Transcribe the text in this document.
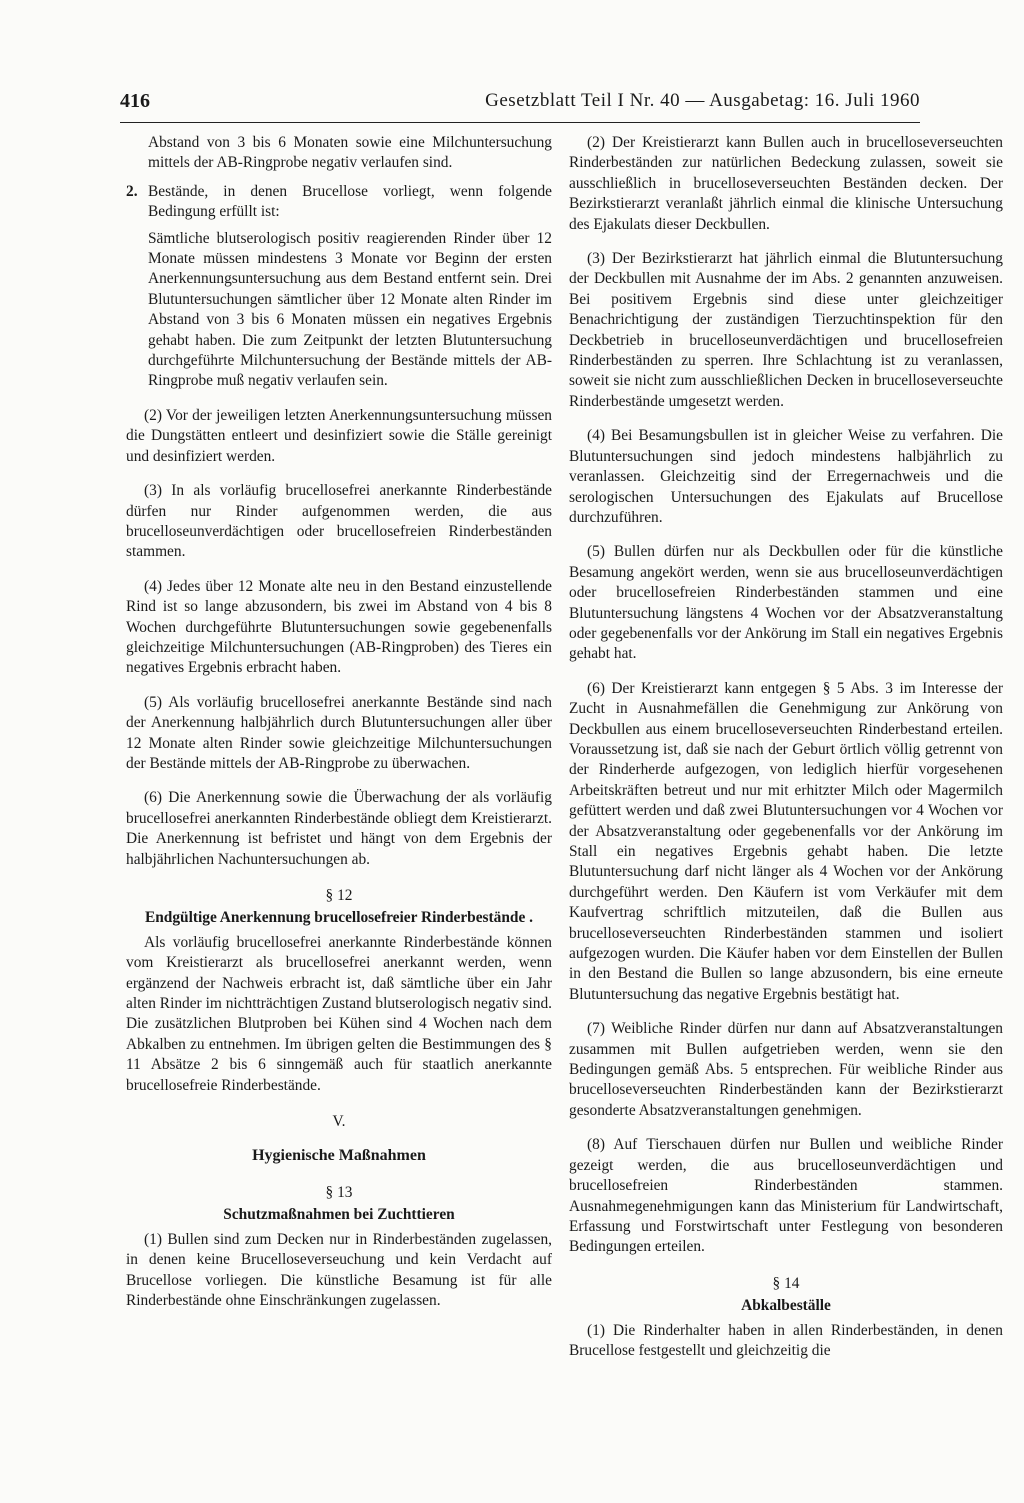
416	Gesetzblatt Teil I Nr. 40 — Ausgabetag: 16. Juli 1960

Abstand von 3 bis 6 Monaten sowie eine Milchuntersuchung mittels der AB-Ringprobe negativ verlaufen sind.

2. Bestände, in denen Brucellose vorliegt, wenn folgende Bedingung erfüllt ist:

Sämtliche blutserologisch positiv reagierenden Rinder über 12 Monate müssen mindestens 3 Monate vor Beginn der ersten Anerkennungsuntersuchung aus dem Bestand entfernt sein. Drei Blutuntersuchungen sämtlicher über 12 Monate alten Rinder im Abstand von 3 bis 6 Monaten müssen ein negatives Ergebnis gehabt haben. Die zum Zeitpunkt der letzten Blutuntersuchung durchgeführte Milchuntersuchung der Bestände mittels der AB-Ringprobe muß negativ verlaufen sein.

(2) Vor der jeweiligen letzten Anerkennungsuntersuchung müssen die Dungstätten entleert und desinfiziert sowie die Ställe gereinigt und desinfiziert werden.

(3) In als vorläufig brucellosefrei anerkannte Rinderbestände dürfen nur Rinder aufgenommen werden, die aus brucelloseunverdächtigen oder brucellosefreien Rinderbeständen stammen.

(4) Jedes über 12 Monate alte neu in den Bestand einzustellende Rind ist so lange abzusondern, bis zwei im Abstand von 4 bis 8 Wochen durchgeführte Blutuntersuchungen sowie gegebenenfalls gleichzeitige Milchuntersuchungen (AB-Ringproben) des Tieres ein negatives Ergebnis erbracht haben.

(5) Als vorläufig brucellosefrei anerkannte Bestände sind nach der Anerkennung halbjährlich durch Blutuntersuchungen aller über 12 Monate alten Rinder sowie gleichzeitige Milchuntersuchungen der Bestände mittels der AB-Ringprobe zu überwachen.

(6) Die Anerkennung sowie die Überwachung der als vorläufig brucellosefrei anerkannten Rinderbestände obliegt dem Kreistierarzt. Die Anerkennung ist befristet und hängt von dem Ergebnis der halbjährlichen Nachuntersuchungen ab.

§ 12
Endgültige Anerkennung brucellosefreier Rinderbestände .

Als vorläufig brucellosefrei anerkannte Rinderbestände können vom Kreistierarzt als brucellosefrei anerkannt werden, wenn ergänzend der Nachweis erbracht ist, daß sämtliche über ein Jahr alten Rinder im nichtträchtigen Zustand blutserologisch negativ sind. Die zusätzlichen Blutproben bei Kühen sind 4 Wochen nach dem Abkalben zu entnehmen. Im übrigen gelten die Bestimmungen des § 11 Absätze 2 bis 6 sinngemäß auch für staatlich anerkannte brucellosefreie Rinderbestände.

V.
Hygienische Maßnahmen
§ 13
Schutzmaßnahmen bei Zuchttieren

(1) Bullen sind zum Decken nur in Rinderbeständen zugelassen, in denen keine Brucelloseverseuchung und kein Verdacht auf Brucellose vorliegen. Die künstliche Besamung ist für alle Rinderbestände ohne Einschränkungen zugelassen.

(2) Der Kreistierarzt kann Bullen auch in brucelloseverseuchten Rinderbeständen zur natürlichen Bedeckung zulassen, soweit sie ausschließlich in brucelloseverseuchten Beständen decken. Der Bezirkstierarzt veranlaßt jährlich einmal die klinische Untersuchung des Ejakulats dieser Deckbullen.

(3) Der Bezirkstierarzt hat jährlich einmal die Blutuntersuchung der Deckbullen mit Ausnahme der im Abs. 2 genannten anzuweisen. Bei positivem Ergebnis sind diese unter gleichzeitiger Benachrichtigung der zuständigen Tierzuchtinspektion für den Deckbetrieb in brucelloseunverdächtigen und brucellosefreien Rinderbeständen zu sperren. Ihre Schlachtung ist zu veranlassen, soweit sie nicht zum ausschließlichen Decken in brucelloseverseuchte Rinderbestände umgesetzt werden.

(4) Bei Besamungsbullen ist in gleicher Weise zu verfahren. Die Blutuntersuchungen sind jedoch mindestens halbjährlich zu veranlassen. Gleichzeitig sind der Erregernachweis und die serologischen Untersuchungen des Ejakulats auf Brucellose durchzuführen.

(5) Bullen dürfen nur als Deckbullen oder für die künstliche Besamung angekört werden, wenn sie aus brucelloseunverdächtigen oder brucellosefreien Rinderbeständen stammen und eine Blutuntersuchung längstens 4 Wochen vor der Absatzveranstaltung oder gegebenenfalls vor der Ankörung im Stall ein negatives Ergebnis gehabt hat.

(6) Der Kreistierarzt kann entgegen § 5 Abs. 3 im Interesse der Zucht in Ausnahmefällen die Genehmigung zur Ankörung von Deckbullen aus einem brucelloseverseuchten Rinderbestand erteilen. Voraussetzung ist, daß sie nach der Geburt örtlich völlig getrennt von der Rinderherde aufgezogen, von lediglich hierfür vorgesehenen Arbeitskräften betreut und nur mit erhitzter Milch oder Magermilch gefüttert werden und daß zwei Blutuntersuchungen vor 4 Wochen vor der Absatzveranstaltung oder gegebenenfalls vor der Ankörung im Stall ein negatives Ergebnis gehabt haben. Die letzte Blutuntersuchung darf nicht länger als 4 Wochen vor der Ankörung durchgeführt werden. Den Käufern ist vom Verkäufer mit dem Kaufvertrag schriftlich mitzuteilen, daß die Bullen aus brucelloseverseuchten Rinderbeständen stammen und isoliert aufgezogen wurden. Die Käufer haben vor dem Einstellen der Bullen in den Bestand die Bullen so lange abzusondern, bis eine erneute Blutuntersuchung das negative Ergebnis bestätigt hat.

(7) Weibliche Rinder dürfen nur dann auf Absatzveranstaltungen zusammen mit Bullen aufgetrieben werden, wenn sie den Bedingungen gemäß Abs. 5 entsprechen. Für weibliche Rinder aus brucelloseverseuchten Rinderbeständen kann der Bezirkstierarzt gesonderte Absatzveranstaltungen genehmigen.

(8) Auf Tierschauen dürfen nur Bullen und weibliche Rinder gezeigt werden, die aus brucelloseunverdächtigen und brucellosefreien Rinderbeständen stammen. Ausnahmegenehmigungen kann das Ministerium für Landwirtschaft, Erfassung und Forstwirtschaft unter Festlegung von besonderen Bedingungen erteilen.

§ 14
Abkalbeställe

(1) Die Rinderhalter haben in allen Rinderbeständen, in denen Brucellose festgestellt und gleichzeitig die
